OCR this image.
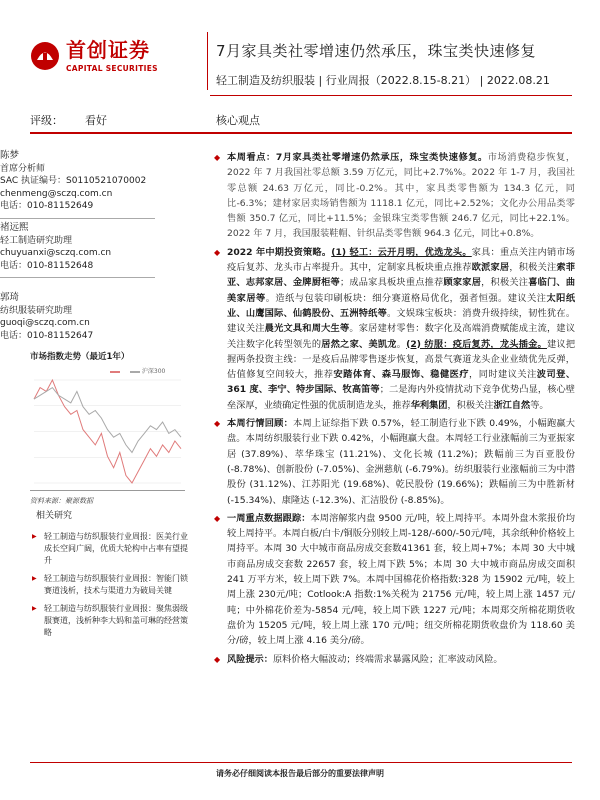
首创证券
CAPITAL SECURITIES
7月家具类社零增速仍然承压，珠宝类快速修复
轻工制造及纺织服装 | 行业周报（2022.8.15-8.21） | 2022.08.21
评级： 看好	核心观点
陈梦
首席分析师
SAC 执证编号：S0110521070002
chenmeng@sczq.com.cn
电话：010-81152649
褚远熙
轻工制造研究助理
chuyuanxi@sczq.com.cn
电话：010-81152648
郭琦
纺织服装研究助理
guoqi@sczq.com.cn
电话：010-81152647
市场指数走势（最近1年）
沪深300
资料来源：聚源数据
相关研究
▶ 轻工制造与纺织服装行业周报：医美行业成长空间广阔，优质大轮构中占率有望提升
▶ 轻工制造与纺织服装行业周报：智能门锁赛道浅析，技术与渠道力为破局关键
▶ 轻工制造与纺织服装行业周报：聚焦弱级服赛道，浅析种李大妈和盖可琳的经营策略
◆ 本周看点：7月家具类社零增速仍然承压，珠宝类快速修复。市场消费稳步恢复，2022 年 7 月我国社零总额 3.59 万亿元，同比+2.7%%。2022 年 1-7 月，我国社零总额 24.63 万亿元，同比-0.2%。其中，家具类零售额为 134.3 亿元，同比-6.3%；建材家居卖场销售额为 1118.1 亿元，同比+2.52%；文化办公用品类零售额 350.7 亿元，同比+11.5%；金银珠宝类零售额 246.7 亿元，同比+22.1%。2022 年 7 月，我国服装鞋帽、针织品类零售额 964.3 亿元，同比+0.8%。
◆ 2022 年中期投资策略。(1) 轻工：云开月明，优选龙头。家具：重点关注内销市场疫后复苏、龙头市占率提升。其中，定制家具板块重点推荐欧派家居，积极关注索菲亚、志邦家居、金牌厨柜等；成品家具板块重点推荐顾家家居，积极关注喜临门、曲美家居等。造纸与包装印刷板块：细分赛道格局优化，强者恒强。建议关注太阳纸业、山鹰国际、仙鹤股份、五洲特纸等。文娱珠宝板块：消费升级持续，韧性犹在。建议关注晨光文具和周大生等。家居建材零售：数字化及高端消费赋能成主流，建议关注数字化转型领先的居然之家、美凯龙。(2) 纺服：疫后复苏，龙头插金。建议把握两条投资主线：一是疫后品牌零售逐步恢复，高景气赛道龙头企业业绩优先反弹，估值修复空间较大，推荐安踏体育、森马服饰、稳健医疗，同时建议关注波司登、361 度、李宁、特步国际、牧高笛等；二是海内外疫情扰动下竞争优势凸显，核心壁垒深厚，业绩确定性强的优质制造龙头，推荐华利集团，积极关注浙江自然等。
◆ 本周行情回顾：本周上证综指下跌 0.57%，轻工制造行业下跌 0.49%，小幅跑赢大盘。本周纺织服装行业下跌 0.42%，小幅跑赢大盘。本周轻工行业涨幅前三为亚振家居 (37.89%)、萃华珠宝 (11.21%)、文化长城 (11.2%)；跌幅前三为百亚股份 (-8.78%)、创新股份 (-7.05%)、金洲慈航 (-6.79%)。纺织服装行业涨幅前三为中潜股份 (31.12%)、江苏阳光 (19.68%)、乾民股份 (19.66%)；跌幅前三为中胜新材 (-15.34%)、康隆达 (-12.3%)、汇洁股份 (-8.85%)。
◆ 一周重点数据跟踪：本周溶解浆内盘 9500 元/吨，较上周持平。本周外盘木浆报价均较上周持平。本周白板/白卡/铜版分别较上周-128/-600/-50元/吨，其余纸种价格较上周持平。本周 30 大中城市商品房成交套数41361 套，较上周+7%；本周 30 大中城市商品房成交套数 22657 套，较上周下跌 5%；本周 30 大中城市商品房成交面积 241 万平方米，较上周下跌 7%。本周中国棉花价格指数:328 为 15902 元/吨，较上周上涨 230元/吨；Cotlook:A 指数:1%关税为 21756 元/吨，较上周上涨 1457 元/吨；中外棉花价差为-5854 元/吨，较上周下跌 1227 元/吨；本周郑交所棉花期货收盘价为 15205 元/吨，较上周上涨 170 元/吨；纽交所棉花期货收盘价为 118.60 美分/磅，较上周上涨 4.16 美分/磅。
◆ 风险提示：原料价格大幅波动；终端需求暴露风险；汇率波动风险。
请务必仔细阅读本报告最后部分的重要法律声明
